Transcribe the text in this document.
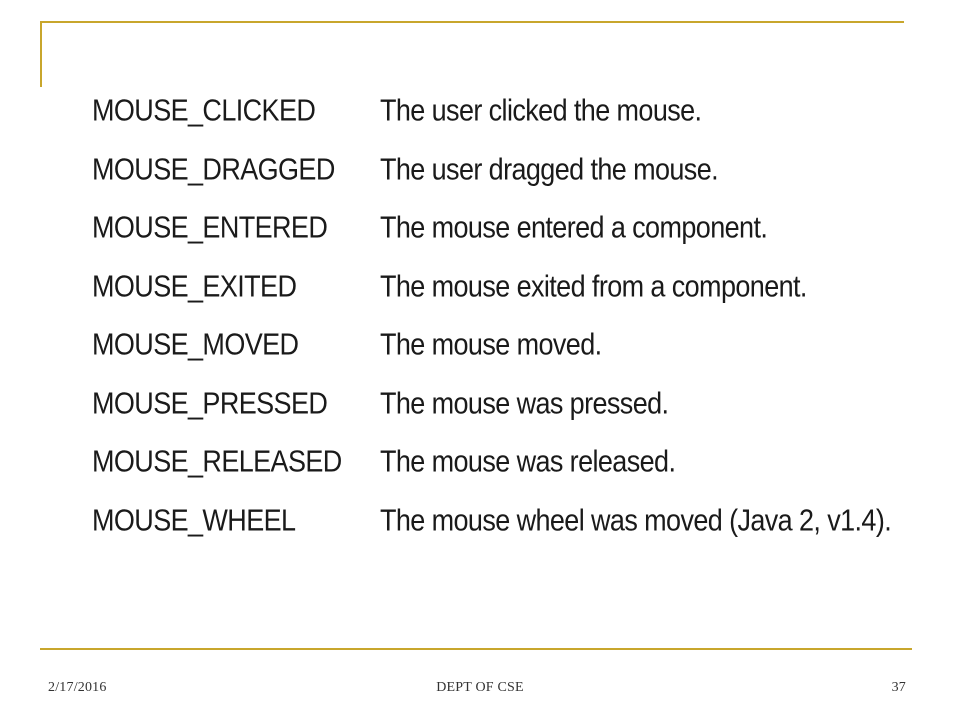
MOUSE_CLICKED The user clicked the mouse.
MOUSE_DRAGGED The user dragged the mouse.
MOUSE_ENTERED The mouse entered a component.
MOUSE_EXITED	The mouse exited from a component.
MOUSE_MOVED	The mouse moved.
MOUSE_PRESSED The mouse was pressed.
MOUSE_RELEASED The mouse was released.
MOUSE_WHEEL	The mouse wheel was moved (Java 2, v1.4).
2/17/2016	DEPT OF CSE	37
